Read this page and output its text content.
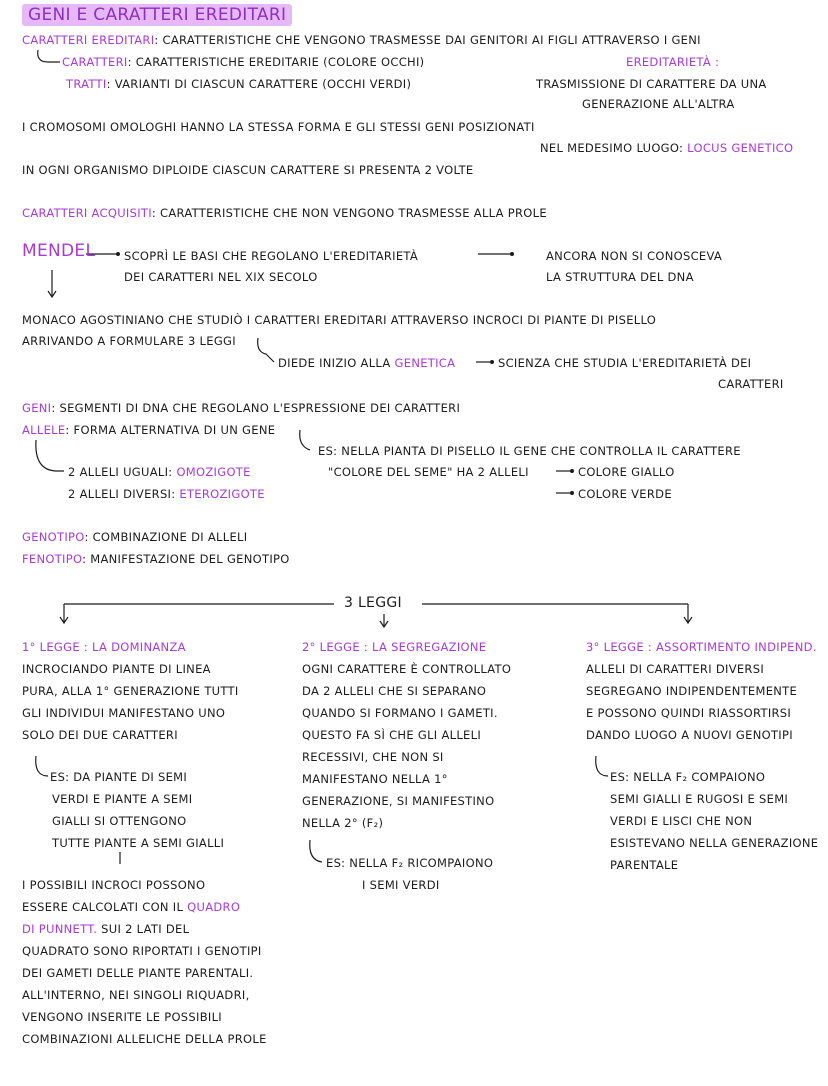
GENI E CARATTERI EREDITARI
CARATTERI EREDITARI: CARATTERISTICHE CHE VENGONO TRASMESSE DAI GENITORI AI FIGLI ATTRAVERSO I GENI
CARATTERI: CARATTERISTICHE EREDITARIE (COLORE OCCHI)
TRATTI: VARIANTI DI CIASCUN CARATTERE (OCCHI VERDI)
EREDITARIETÀ :
TRASMISSIONE DI CARATTERE DA UNA
GENERAZIONE ALL'ALTRA
I CROMOSOMI OMOLOGHI HANNO LA STESSA FORMA E GLI STESSI GENI POSIZIONATI
NEL MEDESIMO LUOGO: LOCUS GENETICO
IN OGNI ORGANISMO DIPLOIDE CIASCUN CARATTERE SI PRESENTA 2 VOLTE
CARATTERI ACQUISITI: CARATTERISTICHE CHE NON VENGONO TRASMESSE ALLA PROLE
MENDEL	SCOPRÌ LE BASI CHE REGOLANO L'EREDITARIETÀ
DEI CARATTERI NEL XIX SECOLO
ANCORA NON SI CONOSCEVA
LA STRUTTURA DEL DNA
MONACO AGOSTINIANO CHE STUDIÒ I CARATTERI EREDITARI ATTRAVERSO INCROCI DI PIANTE DI PISELLO
ARRIVANDO A FORMULARE 3 LEGGI
DIEDE INIZIO ALLA GENETICA	SCIENZA CHE STUDIA L'EREDITARIETÀ DEI
CARATTERI
GENI: SEGMENTI DI DNA CHE REGOLANO L'ESPRESSIONE DEI CARATTERI
ALLELE: FORMA ALTERNATIVA DI UN GENE
2 ALLELI UGUALI: OMOZIGOTE
2 ALLELI DIVERSI: ETEROZIGOTE
ES: NELLA PIANTA DI PISELLO IL GENE CHE CONTROLLA IL CARATTERE
"COLORE DEL SEME" HA 2 ALLELI	COLORE GIALLO
COLORE VERDE
GENOTIPO: COMBINAZIONE DI ALLELI
FENOTIPO: MANIFESTAZIONE DEL GENOTIPO
3 LEGGI
1° LEGGE : LA DOMINANZA
INCROCIANDO PIANTE DI LINEA
PURA, ALLA 1° GENERAZIONE TUTTI
GLI INDIVIDUI MANIFESTANO UNO
SOLO DEI DUE CARATTERI
ES: DA PIANTE DI SEMI
VERDI E PIANTE A SEMI
GIALLI SI OTTENGONO
TUTTE PIANTE A SEMI GIALLI
I POSSIBILI INCROCI POSSONO
ESSERE CALCOLATI CON IL QUADRO
DI PUNNETT. SUI 2 LATI DEL
QUADRATO SONO RIPORTATI I GENOTIPI
DEI GAMETI DELLE PIANTE PARENTALI.
ALL'INTERNO, NEI SINGOLI RIQUADRI,
VENGONO INSERITE LE POSSIBILI
COMBINAZIONI ALLELICHE DELLA PROLE
2° LEGGE : LA SEGREGAZIONE
OGNI CARATTERE È CONTROLLATO
DA 2 ALLELI CHE SI SEPARANO
QUANDO SI FORMANO I GAMETI.
QUESTO FA SÌ CHE GLI ALLELI
RECESSIVI, CHE NON SI
MANIFESTANO NELLA 1°
GENERAZIONE, SI MANIFESTINO
NELLA 2° (F₂)
ES: NELLA F₂ RICOMPAIONO
I SEMI VERDI
3° LEGGE : ASSORTIMENTO INDIPEND.
ALLELI DI CARATTERI DIVERSI
SEGREGANO INDIPENDENTEMENTE
E POSSONO QUINDI RIASSORTIRSI
DANDO LUOGO A NUOVI GENOTIPI
ES: NELLA F₂ COMPAIONO
SEMI GIALLI E RUGOSI E SEMI
VERDI E LISCI CHE NON
ESISTEVANO NELLA GENERAZIONE
PARENTALE
